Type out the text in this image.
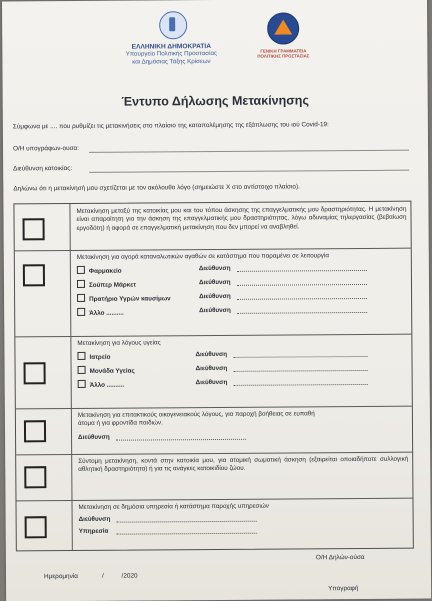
ΕΛΛΗΝΙΚΗ ΔΗΜΟΚΡΑΤΙΑ
Υπουργείο Πολιτικής Προστασίας
και Δημόσιας Τάξης Κρίσεων
ΓΕΝΙΚΗ ΓΡΑΜΜΑΤΕΙΑ
ΠΟΛΙΤΙΚΗΣ ΠΡΟΣΤΑΣΙΑΣ
Έντυπο Δήλωσης Μετακίνησης
Σύμφωνα με .... που ρυθμίζει τις μετακινήσεις στο πλαίσιο της καταπολέμησης της εξάπλωσης του ιού Covid-19:
Ο/Η υπογράφων-ουσα:
Διεύθυνση κατοικίας:
Δηλώνω ότι η μετακίνησή μου σχετίζεται με τον ακόλουθο λόγο (σημειώστε Χ στο αντίστοιχο πλαίσιο).
Μετακίνηση μεταξύ της κατοικίας μου και του τόπου άσκησης της επαγγελματικής μου δραστηριότητας. Η μετακίνηση είναι απαραίτητη για την άσκηση της επαγγελματικής μου δραστηριότητας, λόγω αδυναμίας τηλεργασίας (βεβαίωση εργοδότη) ή αφορά σε επαγγελματική μετακίνηση που δεν μπορεί να αναβληθεί.
Μετακίνηση για αγορά καταναλωτικών αγαθών σε κατάστημα που παραμένει σε λειτουργία
Φαρμακείο	Διεύθυνση
Σούπερ Μάρκετ	Διεύθυνση
Πρατήριο Υγρών καυσίμων	Διεύθυνση
Άλλο ..........	Διεύθυνση
Μετακίνηση για λόγους υγείας
Ιατρείο	Διεύθυνση
Μονάδα Υγείας	Διεύθυνση
Άλλο ..........	Διεύθυνση
Μετακίνηση για επιτακτικούς οικογενειακούς λόγους, για παροχή βοήθειας σε ευπαθή άτομα ή για φροντίδα παιδιών.
Διεύθυνση
Σύντομη μετακίνηση, κοντά στην κατοικία μου, για ατομική σωματική άσκηση (εξαιρείται οποιαδήποτε συλλογική αθλητική δραστηριότητα) ή για τις ανάγκες κατοικιδίου ζώου.
Μετακίνηση σε δημόσια υπηρεσία ή κατάστημα παροχής υπηρεσιών
Διεύθυνση
Υπηρεσία
Ο/Η Δηλών-ούσα
Ημερομηνία	/          /2020
Υπογραφή
